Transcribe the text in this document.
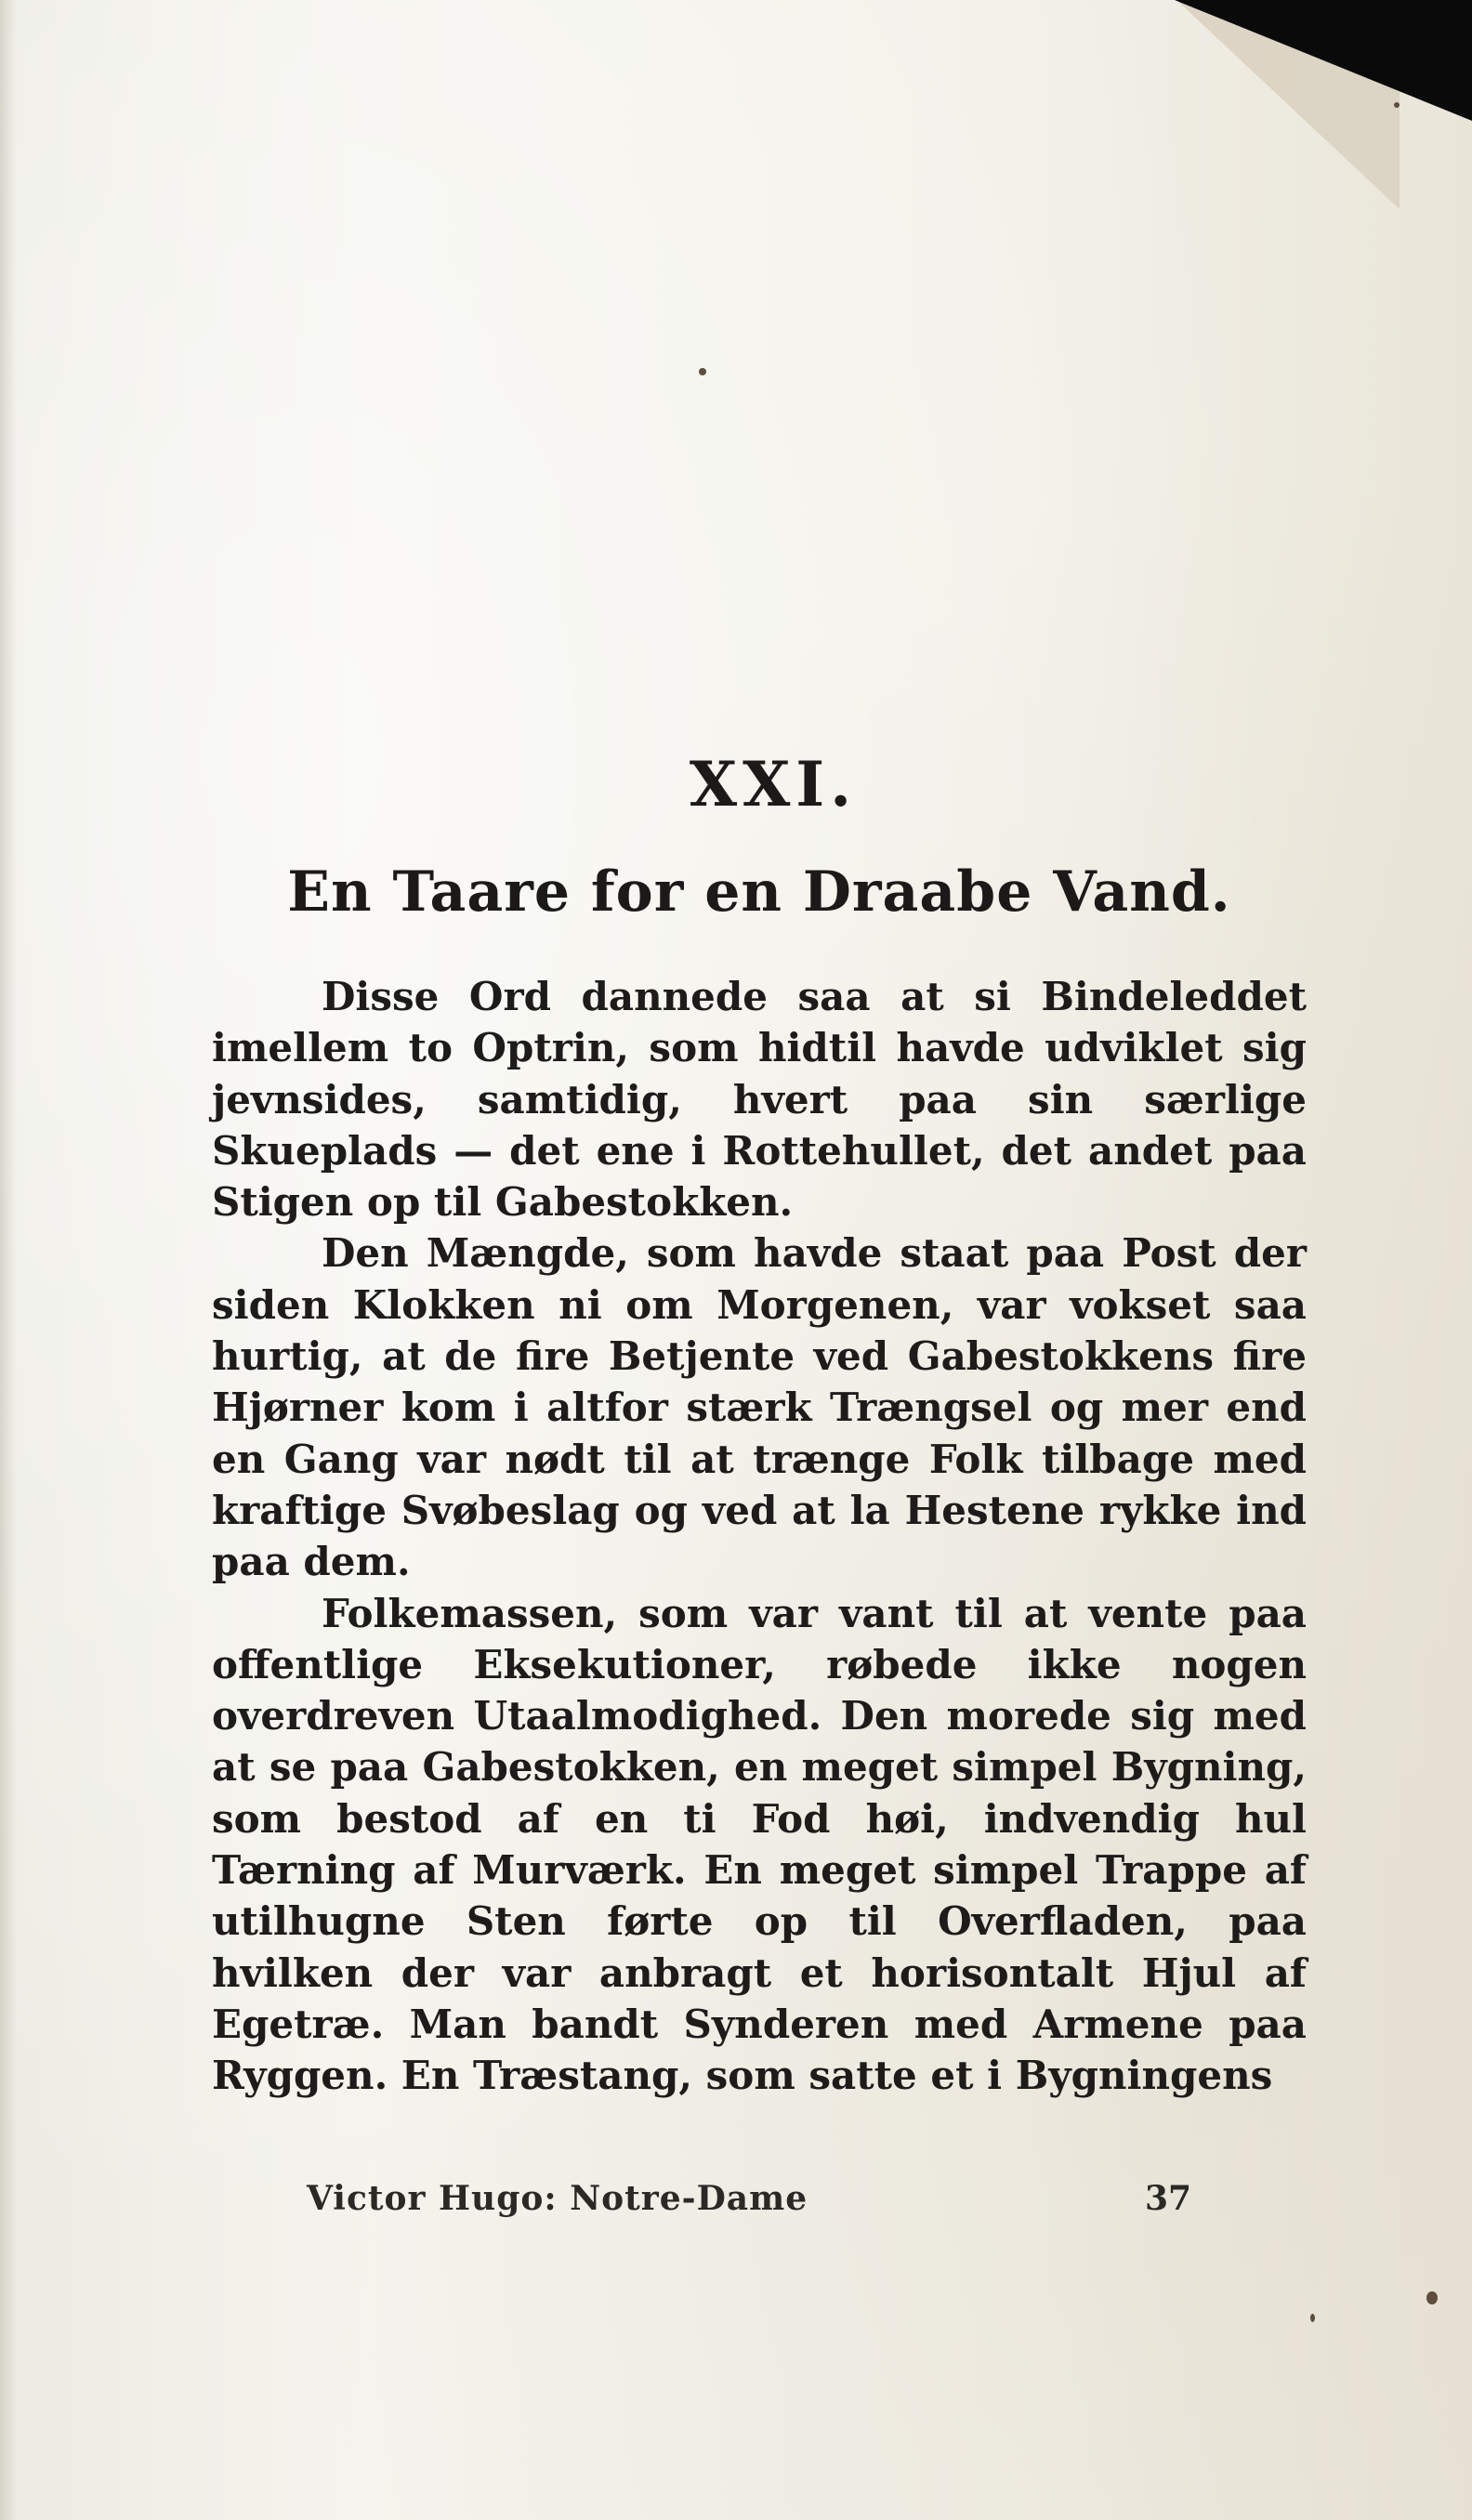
XXI.
En Taare for en Draabe Vand.

Disse Ord dannede saa at si Bindeleddet imellem to Optrin, som hidtil havde udviklet sig jevnsides, samtidig, hvert paa sin særlige Skueplads — det ene i Rottehullet, det andet paa Stigen op til Gabestokken.

Den Mængde, som havde staat paa Post der siden Klokken ni om Morgenen, var vokset saa hurtig, at de fire Betjente ved Gabestokkens fire Hjørner kom i altfor stærk Trængsel og mer end en Gang var nødt til at trænge Folk tilbage med kraftige Svøbeslag og ved at la Hestene rykke ind paa dem.

Folkemassen, som var vant til at vente paa offentlige Eksekutioner, røbede ikke nogen overdreven Utaalmodighed. Den morede sig med at se paa Gabestokken, en meget simpel Bygning, som bestod af en ti Fod høi, indvendig hul Tærning af Murværk. En meget simpel Trappe af utilhugne Sten førte op til Overfladen, paa hvilken der var anbragt et horisontalt Hjul af Egetræ. Man bandt Synderen med Armene paa Ryggen. En Træstang, som satte et i Bygningens

Victor Hugo: Notre-Dame	37
